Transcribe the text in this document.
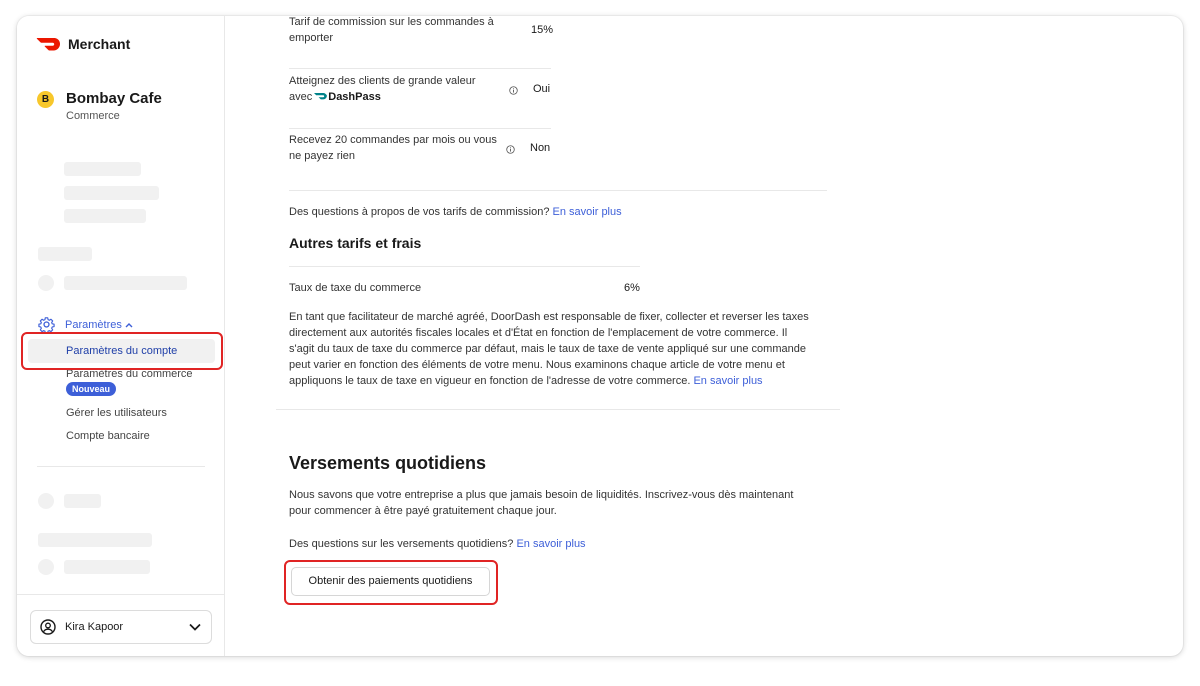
Merchant
B	Bombay Cafe
Commerce
Paramètres
Paramètres du compte
Paramètres du commerce
Nouveau
Gérer les utilisateurs
Compte bancaire
Kira Kapoor
Tarif de commission sur les commandes à
emporter
15%
Atteignez des clients de grande valeur
avec DashPass
Oui
Recevez 20 commandes par mois ou vous
ne payez rien
Non
Des questions à propos de vos tarifs de commission? En savoir plus
Autres tarifs et frais
Taux de taxe du commerce	6%
En tant que facilitateur de marché agréé, DoorDash est responsable de fixer, collecter et reverser les taxes
directement aux autorités fiscales locales et d'État en fonction de l'emplacement de votre commerce. Il
s'agit du taux de taxe du commerce par défaut, mais le taux de taxe de vente appliqué sur une commande
peut varier en fonction des éléments de votre menu. Nous examinons chaque article de votre menu et
appliquons le taux de taxe en vigueur en fonction de l'adresse de votre commerce. En savoir plus
Versements quotidiens
Nous savons que votre entreprise a plus que jamais besoin de liquidités. Inscrivez-vous dès maintenant
pour commencer à être payé gratuitement chaque jour.
Des questions sur les versements quotidiens? En savoir plus
Obtenir des paiements quotidiens
